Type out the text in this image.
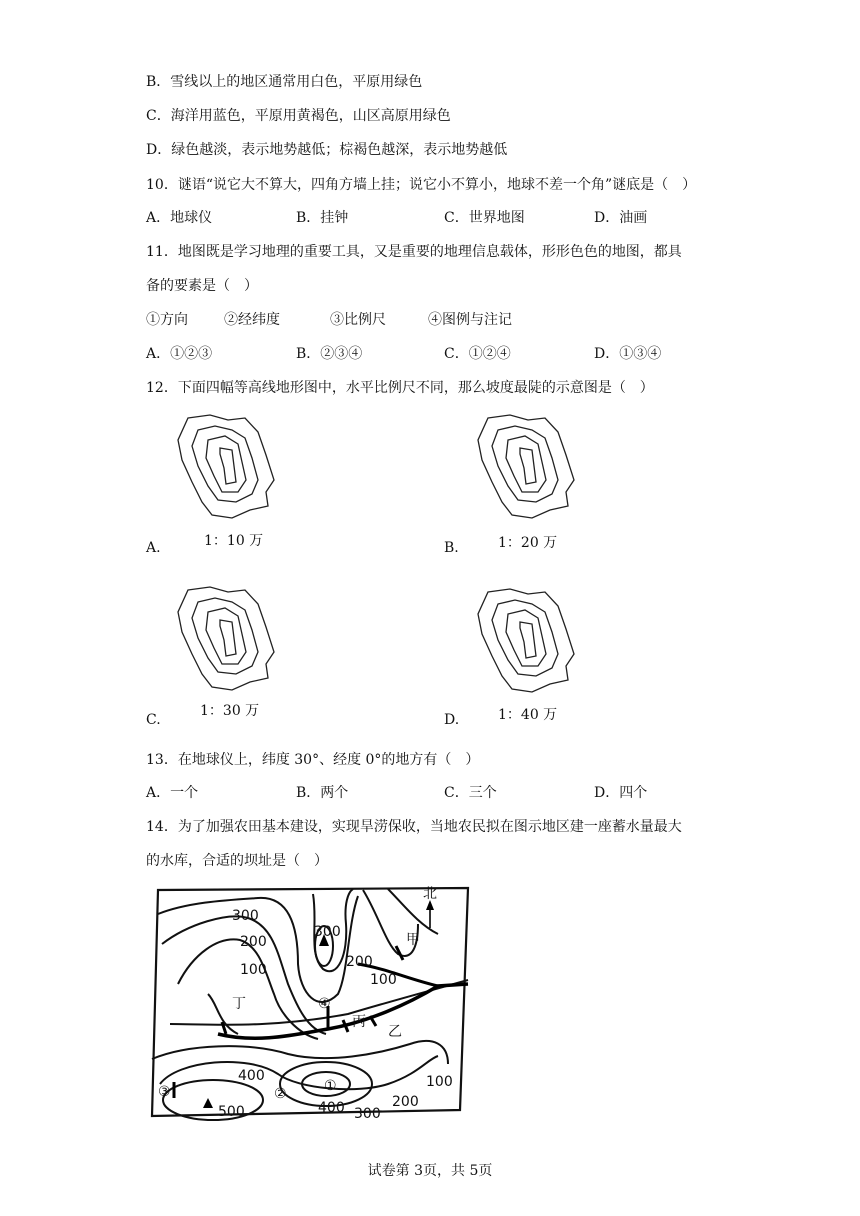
B．雪线以上的地区通常用白色，平原用绿色
C．海洋用蓝色，平原用黄褐色，山区高原用绿色
D．绿色越淡，表示地势越低；棕褐色越深，表示地势越低
10．谜语“说它大不算大，四角方墙上挂；说它小不算小，地球不差一个角”谜底是（　）
A．地球仪	B．挂钟	C．世界地图	D．油画
11．地图既是学习地理的重要工具，又是重要的地理信息载体，形形色色的地图，都具
备的要素是（　）
①方向	②经纬度	③比例尺	④图例与注记
A．①②③	B．②③④	C．①②④	D．①③④
12．下面四幅等高线地形图中，水平比例尺不同，那么坡度最陡的示意图是（　）
A.	1：10 万	B.	1：20 万
C.
1：30 万
D.	1：40 万
13．在地球仪上，纬度 30°、经度 0°的地方有（　）
A．一个	B．两个	C．三个	D．四个
14．为了加强农田基本建设，实现旱涝保收，当地农民拟在图示地区建一座蓄水量最大
的水库，合适的坝址是（　）
北
300
200
100
300
200
100
400
500	400 300
200
100
甲
乙
丙
丁
①
②
③
④
试卷第 3页，共 5页
